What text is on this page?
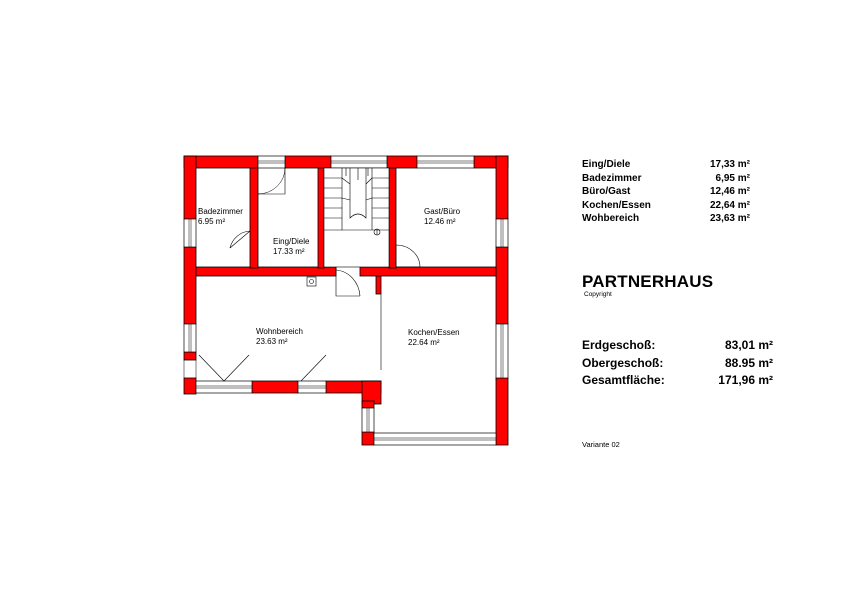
Badezimmer
6.95 m²
Eing/Diele
17.33 m²
Gast/Büro
12.46 m²
Wohnbereich
23.63 m²
Kochen/Essen
22.64 m²
Eing/Diele	17,33 m²
Badezimmer	6,95 m²
Büro/Gast	12,46 m²
Kochen/Essen	22,64 m²
Wohbereich	23,63 m²
PARTNERHAUS
Copyright
Erdgeschoß:	83,01 m²
Obergeschoß:	88.95 m²
Gesamtfläche:	171,96 m²
Variante 02
